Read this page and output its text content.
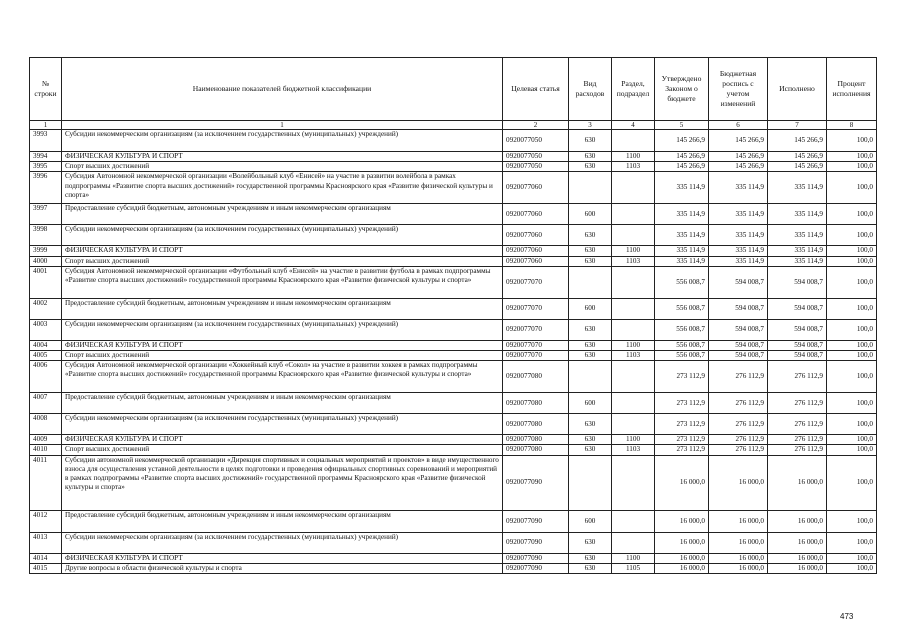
№ строки	Наименование показателей бюджетной классификации	Целевая статья	Вид расходов	Раздел, подраздел	Утверждено Законом о бюджете	Бюджетная роспись с учетом изменений	Исполнено	Процент исполнения
1	1	2	3	4	5	6	7	8
3993	Субсидии некоммерческим организациям (за исключением государственных (муниципальных) учреждений)	0920077050	630		145 266,9	145 266,9	145 266,9	100,0
3994	ФИЗИЧЕСКАЯ КУЛЬТУРА И СПОРТ	0920077050	630	1100	145 266,9	145 266,9	145 266,9	100,0
3995	Спорт высших достижений	0920077050	630	1103	145 266,9	145 266,9	145 266,9	100,0
3996	Субсидия Автономной некоммерческой организации «Волейбольный клуб «Енисей» на участие в развитии волейбола в рамках подпрограммы «Развитие спорта высших достижений» государственной программы Красноярского края «Развитие физической культуры и спорта»	0920077060			335 114,9	335 114,9	335 114,9	100,0
3997	Предоставление субсидий бюджетным, автономным учреждениям и иным некоммерческим организациям	0920077060	600		335 114,9	335 114,9	335 114,9	100,0
3998	Субсидии некоммерческим организациям (за исключением государственных (муниципальных) учреждений)	0920077060	630		335 114,9	335 114,9	335 114,9	100,0
3999	ФИЗИЧЕСКАЯ КУЛЬТУРА И СПОРТ	0920077060	630	1100	335 114,9	335 114,9	335 114,9	100,0
4000	Спорт высших достижений	0920077060	630	1103	335 114,9	335 114,9	335 114,9	100,0
4001	Субсидия Автономной некоммерческой организации «Футбольный клуб «Енисей» на участие в развитии футбола в рамках подпрограммы «Развитие спорта высших достижений» государственной программы Красноярского края «Развитие физической культуры и спорта»	0920077070			556 008,7	594 008,7	594 008,7	100,0
4002	Предоставление субсидий бюджетным, автономным учреждениям и иным некоммерческим организациям	0920077070	600		556 008,7	594 008,7	594 008,7	100,0
4003	Субсидии некоммерческим организациям (за исключением государственных (муниципальных) учреждений)	0920077070	630		556 008,7	594 008,7	594 008,7	100,0
4004	ФИЗИЧЕСКАЯ КУЛЬТУРА И СПОРТ	0920077070	630	1100	556 008,7	594 008,7	594 008,7	100,0
4005	Спорт высших достижений	0920077070	630	1103	556 008,7	594 008,7	594 008,7	100,0
4006	Субсидия Автономной некоммерческой организации «Хоккейный клуб «Сокол» на участие в развитии хоккея в рамках подпрограммы «Развитие спорта высших достижений» государственной программы Красноярского края «Развитие физической культуры и спорта»	0920077080			273 112,9	276 112,9	276 112,9	100,0
4007	Предоставление субсидий бюджетным, автономным учреждениям и иным некоммерческим организациям	0920077080	600		273 112,9	276 112,9	276 112,9	100,0
4008	Субсидии некоммерческим организациям (за исключением государственных (муниципальных) учреждений)	0920077080	630		273 112,9	276 112,9	276 112,9	100,0
4009	ФИЗИЧЕСКАЯ КУЛЬТУРА И СПОРТ	0920077080	630	1100	273 112,9	276 112,9	276 112,9	100,0
4010	Спорт высших достижений	0920077080	630	1103	273 112,9	276 112,9	276 112,9	100,0
4011	Субсидии автономной некоммерческой организации «Дирекция спортивных и социальных мероприятий и проектов» в виде имущественного взноса для осуществления уставной деятельности в целях подготовки и проведения официальных спортивных соревнований и мероприятий в рамках подпрограммы «Развитие спорта высших достижений» государственной программы Красноярского края «Развитие физической культуры и спорта»	0920077090			16 000,0	16 000,0	16 000,0	100,0
4012	Предоставление субсидий бюджетным, автономным учреждениям и иным некоммерческим организациям	0920077090	600		16 000,0	16 000,0	16 000,0	100,0
4013	Субсидии некоммерческим организациям (за исключением государственных (муниципальных) учреждений)	0920077090	630		16 000,0	16 000,0	16 000,0	100,0
4014	ФИЗИЧЕСКАЯ КУЛЬТУРА И СПОРТ	0920077090	630	1100	16 000,0	16 000,0	16 000,0	100,0
4015	Другие вопросы в области физической культуры и спорта	0920077090	630	1105	16 000,0	16 000,0	16 000,0	100,0
473
